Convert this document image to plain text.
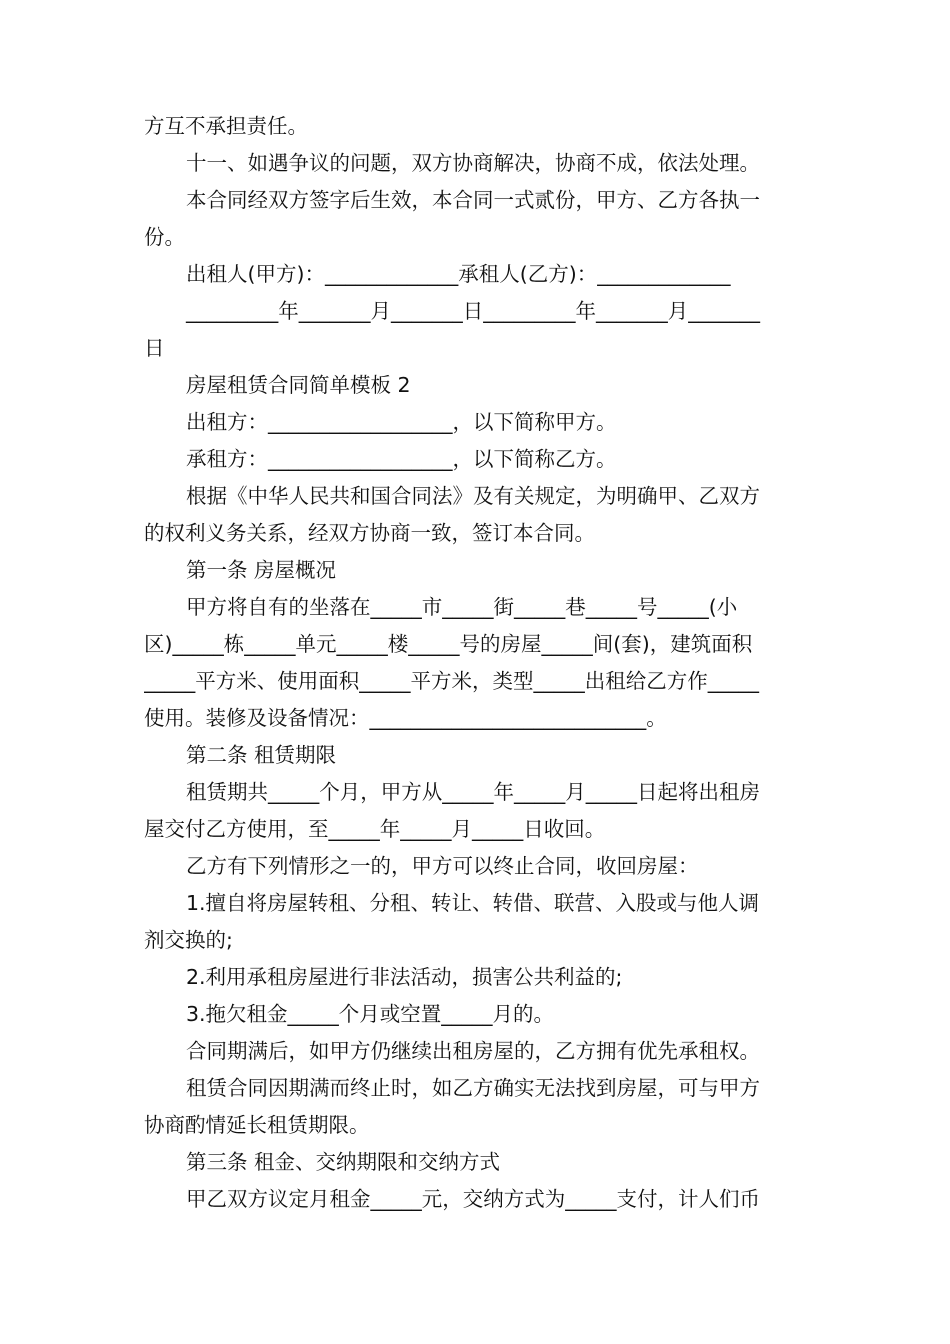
方互不承担责任。
十一、如遇争议的问题，双方协商解决，协商不成，依法处理。
本合同经双方签字后生效，本合同一式贰份，甲方、乙方各执一
份。
出租人(甲方)：_____________承租人(乙方)：_____________
_________年_______月_______日_________年_______月_______
日
房屋租赁合同简单模板 2
出租方：__________________，以下简称甲方。
承租方：__________________，以下简称乙方。
根据《中华人民共和国合同法》及有关规定，为明确甲、乙双方
的权利义务关系，经双方协商一致，签订本合同。
第一条 房屋概况
甲方将自有的坐落在_____市_____街_____巷_____号_____(小
区)_____栋_____单元_____楼_____号的房屋_____间(套)，建筑面积
_____平方米、使用面积_____平方米，类型_____出租给乙方作_____
使用。装修及设备情况：___________________________。
第二条 租赁期限
租赁期共_____个月，甲方从_____年_____月_____日起将出租房
屋交付乙方使用，至_____年_____月_____日收回。
乙方有下列情形之一的，甲方可以终止合同，收回房屋：
1.擅自将房屋转租、分租、转让、转借、联营、入股或与他人调
剂交换的;
2.利用承租房屋进行非法活动，损害公共利益的;
3.拖欠租金_____个月或空置_____月的。
合同期满后，如甲方仍继续出租房屋的，乙方拥有优先承租权。
租赁合同因期满而终止时，如乙方确实无法找到房屋，可与甲方
协商酌情延长租赁期限。
第三条 租金、交纳期限和交纳方式
甲乙双方议定月租金_____元，交纳方式为_____支付，计人们币
